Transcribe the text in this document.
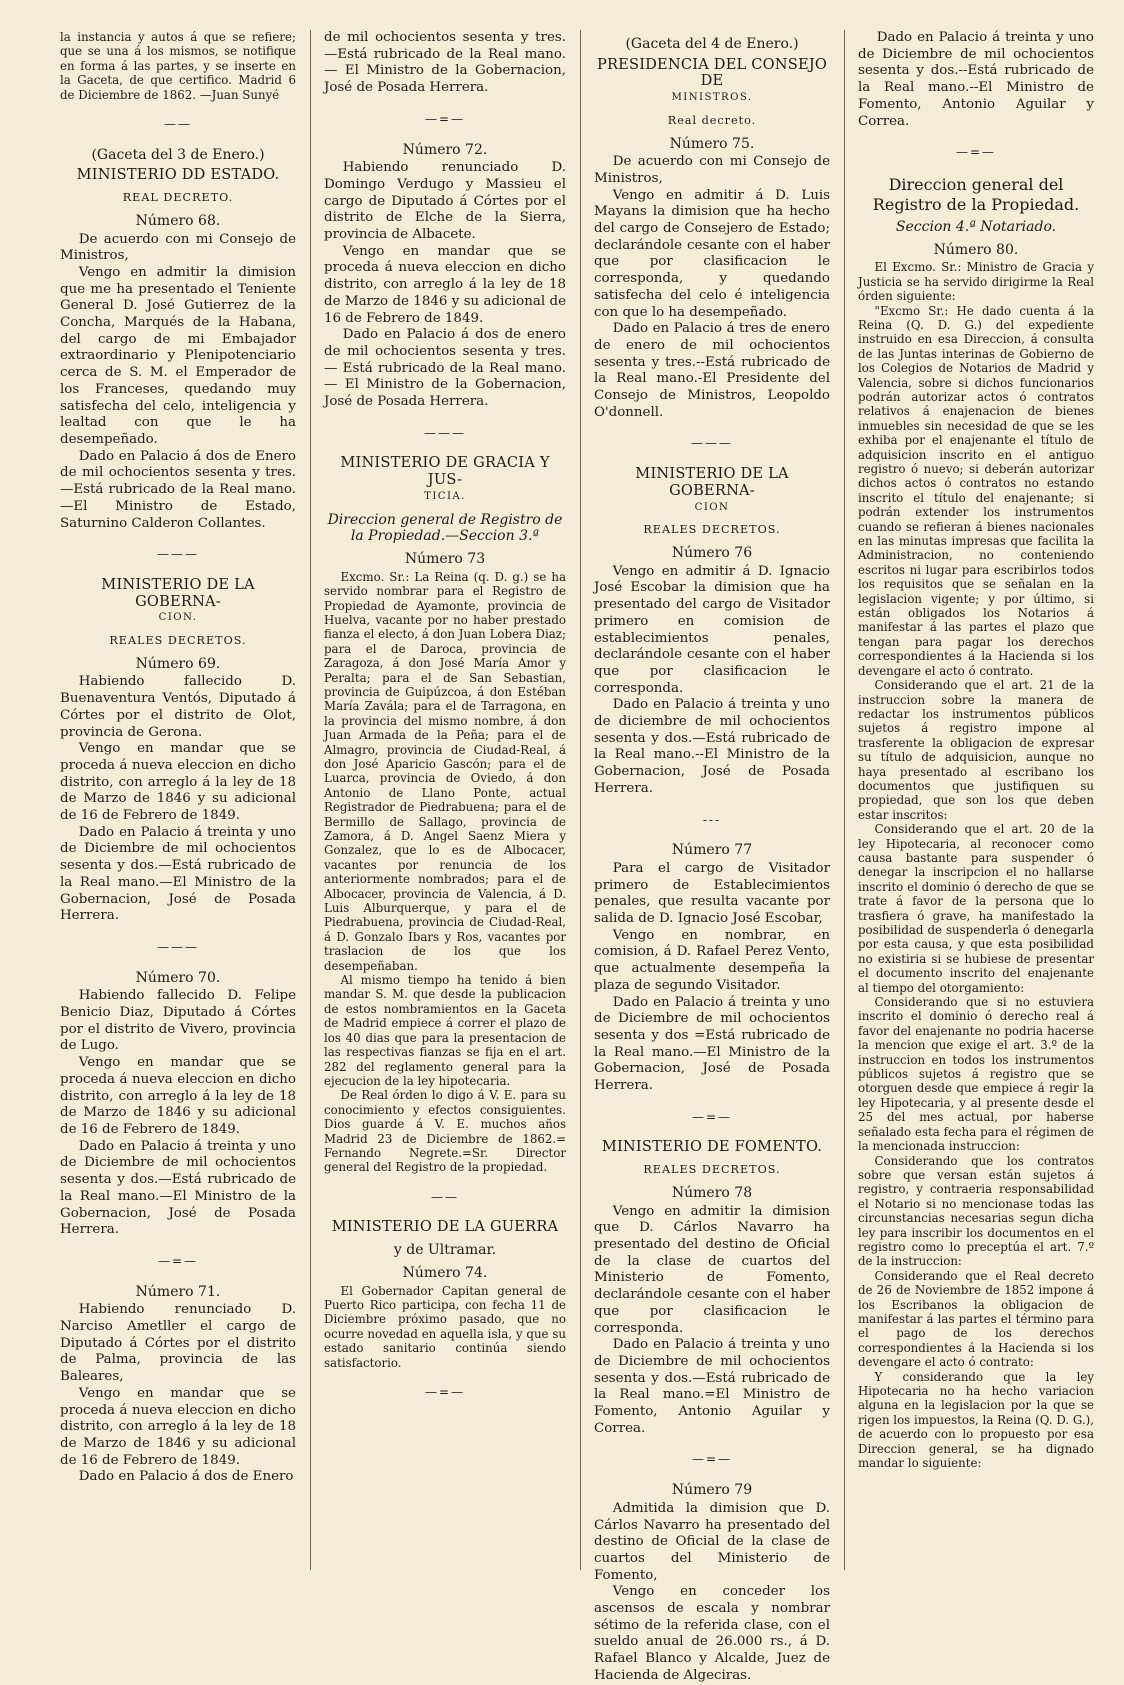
la instancia y autos á que se refiere; que se una á los mismos, se notifique en forma á las partes, y se inserte en la Gaceta, de que certifico. Madrid 6 de Diciembre de 1862. —Juan Sunyé

——
(Gaceta del 3 de Enero.)
MINISTERIO DD ESTADO.
REAL DECRETO.
Número 68.

De acuerdo con mi Consejo de Ministros,

Vengo en admitir la dimision que me ha presentado el Teniente General D. José Gutierrez de la Concha, Marqués de la Habana, del cargo de mi Embajador extraordinario y Plenipotenciario cerca de S. M. el Emperador de los Franceses, quedando muy satisfecha del celo, inteligencia y lealtad con que le ha desempeñado.

Dado en Palacio á dos de Enero de mil ochocientos sesenta y tres. —Está rubricado de la Real mano.—El Ministro de Estado, Saturnino Calderon Collantes.

———
MINISTERIO DE LA GOBERNA-
CION.
REALES DECRETOS.
Número 69.

Habiendo fallecido D. Buenaventura Ventós, Diputado á Córtes por el distrito de Olot, provincia de Gerona.

Vengo en mandar que se proceda á nueva eleccion en dicho distrito, con arreglo á la ley de 18 de Marzo de 1846 y su adicional de 16 de Febrero de 1849.

Dado en Palacio á treinta y uno de Diciembre de mil ochocientos sesenta y dos.—Está rubricado de la Real mano.—El Ministro de la Gobernacion, José de Posada Herrera.

———
Número 70.

Habiendo fallecido D. Felipe Benicio Diaz, Diputado á Córtes por el distrito de Vivero, provincia de Lugo.

Vengo en mandar que se proceda á nueva eleccion en dicho distrito, con arreglo á la ley de 18 de Marzo de 1846 y su adicional de 16 de Febrero de 1849.

Dado en Palacio á treinta y uno de Diciembre de mil ochocientos sesenta y dos.—Está rubricado de la Real mano.—El Ministro de la Gobernacion, José de Posada Herrera.

—=—
Número 71.

Habiendo renunciado D. Narciso Ametller el cargo de Diputado á Córtes por el distrito de Palma, provincia de las Baleares,

Vengo en mandar que se proceda á nueva eleccion en dicho distrito, con arreglo á la ley de 18 de Marzo de 1846 y su adicional de 16 de Febrero de 1849.

Dado en Palacio á dos de Enero

de mil ochocientos sesenta y tres.—Está rubricado de la Real mano.— El Ministro de la Gobernacion, José de Posada Herrera.

—=—
Número 72.

Habiendo renunciado D. Domingo Verdugo y Massieu el cargo de Diputado á Córtes por el distrito de Elche de la Sierra, provincia de Albacete.

Vengo en mandar que se proceda á nueva eleccion en dicho distrito, con arreglo á la ley de 18 de Marzo de 1846 y su adicional de 16 de Febrero de 1849.

Dado en Palacio á dos de enero de mil ochocientos sesenta y tres.— Está rubricado de la Real mano.— El Ministro de la Gobernacion, José de Posada Herrera.

———
MINISTERIO DE GRACIA Y JUS-
TICIA.
Direccion general de Registro de la Propiedad.—Seccion 3.ª
Número 73

Excmo. Sr.: La Reina (q. D. g.) se ha servido nombrar para el Registro de Propiedad de Ayamonte, provincia de Huelva, vacante por no haber prestado fianza el electo, á don Juan Lobera Diaz; para el de Daroca, provincia de Zaragoza, á don José María Amor y Peralta; para el de San Sebastian, provincia de Guipúzcoa, á don Estéban María Zavála; para el de Tarragona, en la provincia del mismo nombre, á don Juan Armada de la Peña; para el de Almagro, provincia de Ciudad-Real, á don José Aparicio Gascón; para el de Luarca, provincia de Oviedo, á don Antonio de Llano Ponte, actual Registrador de Piedrabuena; para el de Bermillo de Sallago, provincia de Zamora, á D. Angel Saenz Miera y Gonzalez, que lo es de Albocacer, vacantes por renuncia de los anteriormente nombrados; para el de Albocacer, provincia de Valencia, á D. Luis Alburquerque, y para el de Piedrabuena, provincia de Ciudad-Real, á D. Gonzalo Ibars y Ros, vacantes por traslacion de los que los desempeñaban.

Al mismo tiempo ha tenido á bien mandar S. M. que desde la publicacion de estos nombramientos en la Gaceta de Madrid empiece á correr el plazo de los 40 dias que para la presentacion de las respectivas fianzas se fija en el art. 282 del reglamento general para la ejecucion de la ley hipotecaria.

De Real órden lo digo á V. E. para su conocimiento y efectos consiguientes. Dios guarde á V. E. muchos años Madrid 23 de Diciembre de 1862.= Fernando Negrete.=Sr. Director general del Registro de la propiedad.

——
MINISTERIO DE LA GUERRA
y de Ultramar.
Número 74.

El Gobernador Capitan general de Puerto Rico participa, con fecha 11 de Diciembre próximo pasado, que no ocurre novedad en aquella isla, y que su estado sanitario continúa siendo satisfactorio.

—=—
(Gaceta del 4 de Enero.)
PRESIDENCIA DEL CONSEJO DE
MINISTROS.
Real decreto.
Número 75.

De acuerdo con mi Consejo de Ministros,

Vengo en admitir á D. Luis Mayans la dimision que ha hecho del cargo de Consejero de Estado; declarándole cesante con el haber que por clasificacion le corresponda, y quedando satisfecha del celo é inteligencia con que lo ha desempeñado.

Dado en Palacio á tres de enero de enero de mil ochocientos sesenta y tres.--Está rubricado de la Real mano.-El Presidente del Consejo de Ministros, Leopoldo O'donnell.

———
MINISTERIO DE LA GOBERNA-
CION
REALES DECRETOS.
Número 76

Vengo en admitir á D. Ignacio José Escobar la dimision que ha presentado del cargo de Visitador primero en comision de establecimientos penales, declarándole cesante con el haber que por clasificacion le corresponda.

Dado en Palacio á treinta y uno de diciembre de mil ochocientos sesenta y dos.—Está rubricado de la Real mano.--El Ministro de la Gobernacion, José de Posada Herrera.

---
Número 77

Para el cargo de Visitador primero de Establecimientos penales, que resulta vacante por salida de D. Ignacio José Escobar,

Vengo en nombrar, en comision, á D. Rafael Perez Vento, que actualmente desempeña la plaza de segundo Visitador.

Dado en Palacio á treinta y uno de Diciembre de mil ochocientos sesenta y dos =Está rubricado de la Real mano.—El Ministro de la Gobernacion, José de Posada Herrera.

—=—
MINISTERIO DE FOMENTO.
REALES DECRETOS.
Número 78

Vengo en admitir la dimision que D. Cárlos Navarro ha presentado del destino de Oficial de la clase de cuartos del Ministerio de Fomento, declarándole cesante con el haber que por clasificacion le corresponda.

Dado en Palacio á treinta y uno de Diciembre de mil ochocientos sesenta y dos.—Está rubricado de la Real mano.=El Ministro de Fomento, Antonio Aguilar y Correa.

—=—
Número 79

Admitida la dimision que D. Cárlos Navarro ha presentado del destino de Oficial de la clase de cuartos del Ministerio de Fomento,

Vengo en conceder los ascensos de escala y nombrar sétimo de la referida clase, con el sueldo anual de 26.000 rs., á D. Rafael Blanco y Alcalde, Juez de Hacienda de Algeciras.

Dado en Palacio á treinta y uno de Diciembre de mil ochocientos sesenta y dos.--Está rubricado de la Real mano.--El Ministro de Fomento, Antonio Aguilar y Correa.

—=—
Direccion general del Registro de la Propiedad.
Seccion 4.ª Notariado.
Número 80.

El Excmo. Sr.: Ministro de Gracia y Justicia se ha servido dirigirme la Real órden siguiente:

"Excmo Sr.: He dado cuenta á la Reina (Q. D. G.) del expediente instruido en esa Direccion, á consulta de las Juntas interinas de Gobierno de los Colegios de Notarios de Madrid y Valencia, sobre si dichos funcionarios podrán autorizar actos ó contratos relativos á enajenacion de bienes inmuebles sin necesidad de que se les exhiba por el enajenante el título de adquisicion inscrito en el antiguo registro ó nuevo; si deberán autorizar dichos actos ó contratos no estando inscrito el título del enajenante; si podrán extender los instrumentos cuando se refieran á bienes nacionales en las minutas impresas que facilita la Administracion, no conteniendo escritos ni lugar para escribirlos todos los requisitos que se señalan en la legislacion vigente; y por último, si están obligados los Notarios á manifestar á las partes el plazo que tengan para pagar los derechos correspondientes á la Hacienda si los devengare el acto ó contrato.

Considerando que el art. 21 de la instruccion sobre la manera de redactar los instrumentos públicos sujetos á registro impone al trasferente la obligacion de expresar su título de adquisicion, aunque no haya presentado al escribano los documentos que justifiquen su propiedad, que son los que deben estar inscritos:

Considerando que el art. 20 de la ley Hipotecaria, al reconocer como causa bastante para suspender ó denegar la inscripcion el no hallarse inscrito el dominio ó derecho de que se trate á favor de la persona que lo trasfiera ó grave, ha manifestado la posibilidad de suspenderla ó denegarla por esta causa, y que esta posibilidad no existiria si se hubiese de presentar el documento inscrito del enajenante al tiempo del otorgamiento:

Considerando que si no estuviera inscrito el dominio ó derecho real á favor del enajenante no podria hacerse la mencion que exige el art. 3.º de la instruccion en todos los instrumentos públicos sujetos á registro que se otorguen desde que empiece á regir la ley Hipotecaria, y al presente desde el 25 del mes actual, por haberse señalado esta fecha para el régimen de la mencionada instruccion:

Considerando que los contratos sobre que versan están sujetos á registro, y contraeria responsabilidad el Notario si no mencionase todas las circunstancias necesarias segun dicha ley para inscribir los documentos en el registro como lo preceptúa el art. 7.º de la instruccion:

Considerando que el Real decreto de 26 de Noviembre de 1852 impone á los Escribanos la obligacion de manifestar á las partes el término para el pago de los derechos correspondientes á la Hacienda si los devengare el acto ó contrato:

Y considerando que la ley Hipotecaria no ha hecho variacion alguna en la legislacion por la que se rigen los impuestos, la Reina (Q. D. G.), de acuerdo con lo propuesto por esa Direccion general, se ha dignado mandar lo siguiente:
